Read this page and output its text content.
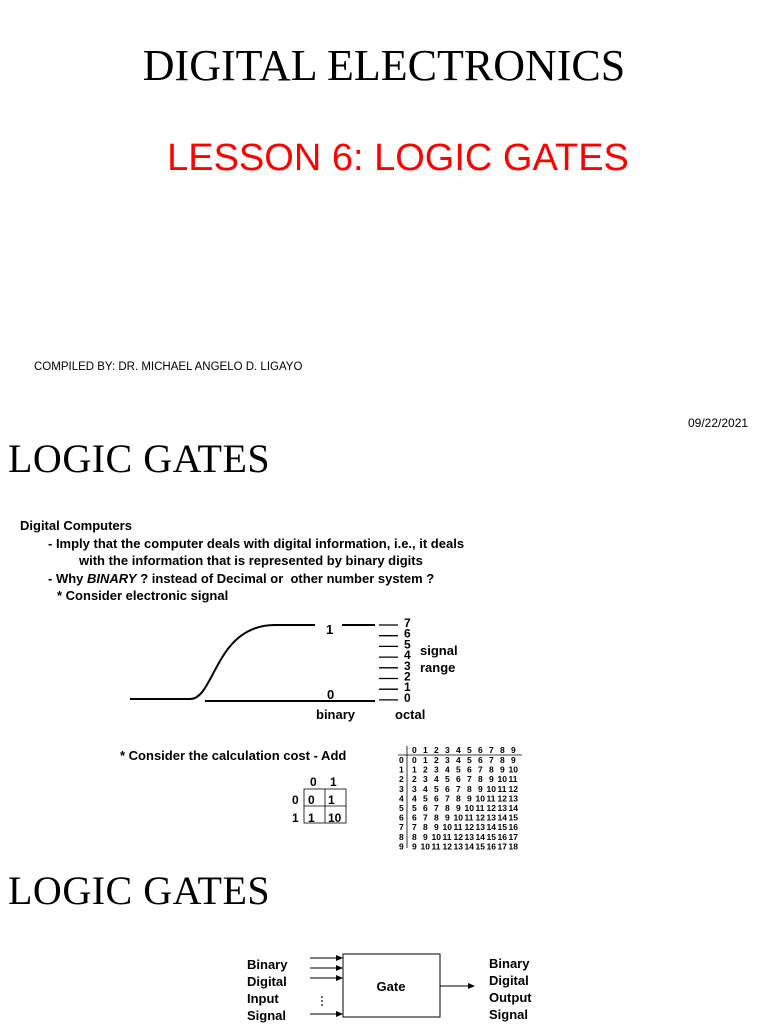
DIGITAL ELECTRONICS
LESSON 6: LOGIC GATES
COMPILED BY: DR. MICHAEL ANGELO D. LIGAYO
09/22/2021
LOGIC GATES
Digital Computers
- Imply that the computer deals with digital information, i.e., it deals
with the information that is represented by binary digits
- Why BINARY ? instead of Decimal or  other number system ?
* Consider electronic signal
1
0
7
6
5
4
3
2
1
0
signal
range
binary	octal
* Consider the calculation cost - Add
0 1
0
1
0 1
1 10
0 1 2 3 4 5 6 7 8 9
0
1
2
3
4
5
6
7
8
9
0 1 2 3 4 5 6 7 8 9
1 2 3 4 5 6 7 8 9 10
2 3 4 5 6 7 8 9 10 11
3 4 5 6 7 8 9 10 11 12
4 5 6 7 8 9 10 11 12 13
5 6 7 8 9 10 11 12 13 14
6 7 8 9 10 11 12 13 14 15
7 8 9 10 11 12 13 14 15 16
8 9 10 11 12 13 14 15 16 17
9 10 11 12 13 14 15 16 17 18
LOGIC GATES
Binary
Digital
Input
Signal
Gate
Binary
Digital
Output
Signal
